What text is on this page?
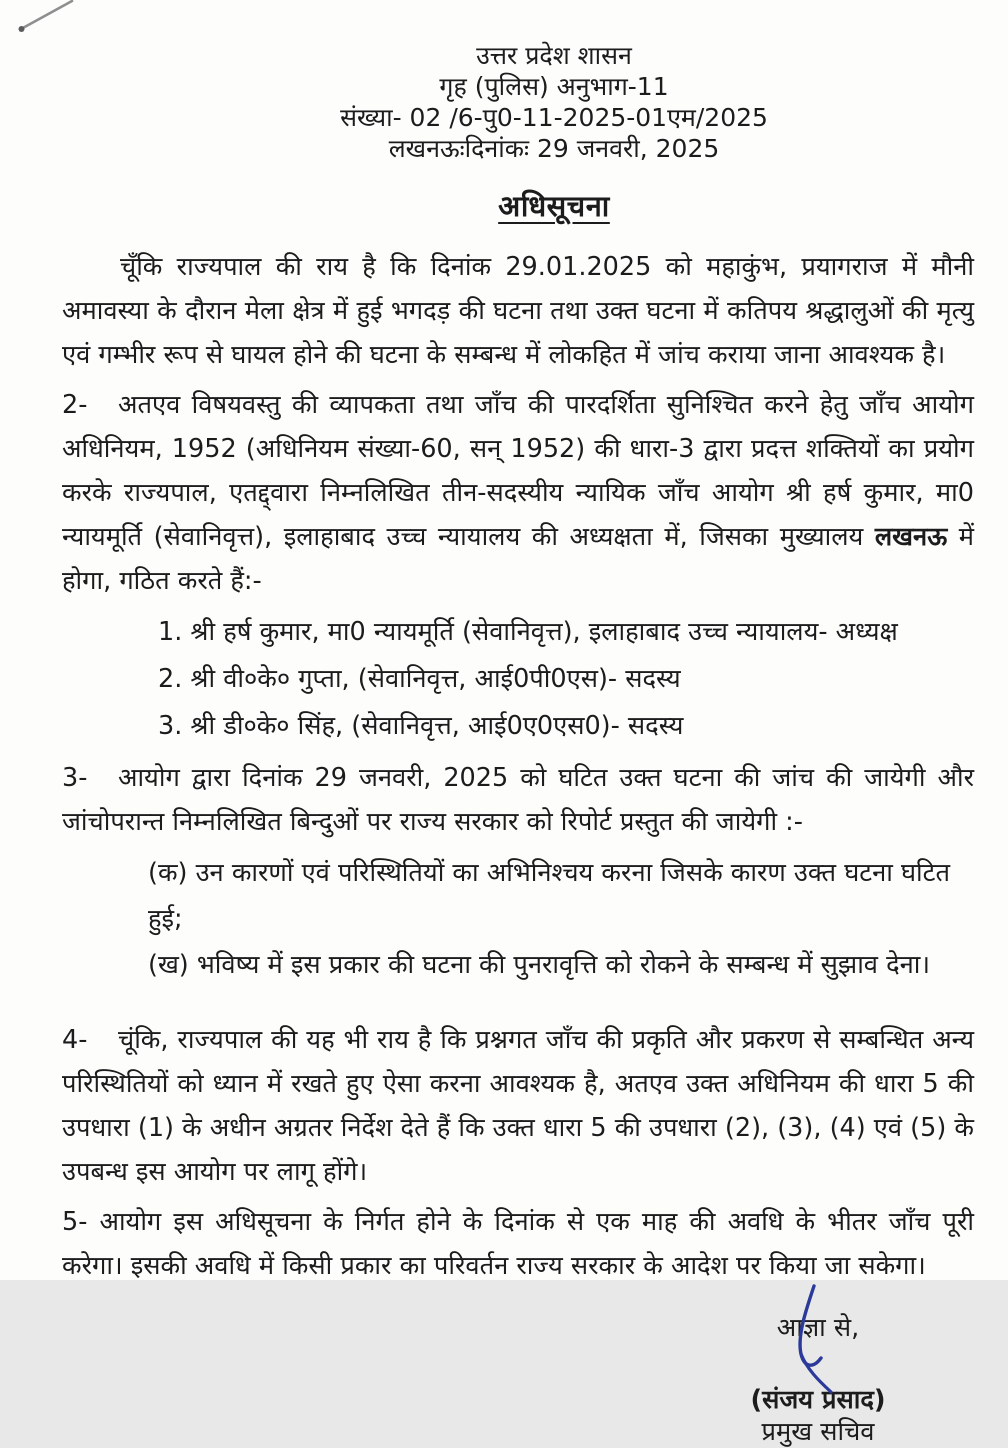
उत्तर प्रदेश शासन
गृह (पुलिस) अनुभाग-11
संख्या- 02 /6-पु0-11-2025-01एम/2025
लखनऊःदिनांकः 29 जनवरी, 2025
अधिसूचना

चूँकि राज्यपाल की राय है कि दिनांक 29.01.2025 को महाकुंभ, प्रयागराज में मौनी अमावस्या के दौरान मेला क्षेत्र में हुई भगदड़ की घटना तथा उक्त घटना में कतिपय श्रद्धालुओं की मृत्यु एवं गम्भीर रूप से घायल होने की घटना के सम्बन्ध में लोकहित में जांच कराया जाना आवश्यक है।

2- अतएव विषयवस्तु की व्यापकता तथा जाँच की पारदर्शिता सुनिश्चित करने हेतु जाँच आयोग अधिनियम, 1952 (अधिनियम संख्या-60, सन् 1952) की धारा-3 द्वारा प्रदत्त शक्तियों का प्रयोग करके राज्यपाल, एतद्द्वारा निम्नलिखित तीन-सदस्यीय न्यायिक जाँच आयोग श्री हर्ष कुमार, मा0 न्यायमूर्ति (सेवानिवृत्त), इलाहाबाद उच्च न्यायालय की अध्यक्षता में, जिसका मुख्यालय लखनऊ में होगा, गठित करते हैं:-

1. श्री हर्ष कुमार, मा0 न्यायमूर्ति (सेवानिवृत्त), इलाहाबाद उच्च न्यायालय- अध्यक्ष
2. श्री वी०के० गुप्ता, (सेवानिवृत्त, आई0पी0एस)- सदस्य
3. श्री डी०के० सिंह, (सेवानिवृत्त, आई0ए0एस0)- सदस्य

3- आयोग द्वारा दिनांक 29 जनवरी, 2025 को घटित उक्त घटना की जांच की जायेगी और जांचोपरान्त निम्नलिखित बिन्दुओं पर राज्य सरकार को रिपोर्ट प्रस्तुत की जायेगी :-

(क) उन कारणों एवं परिस्थितियों का अभिनिश्चय करना जिसके कारण उक्त घटना घटित हुई;
(ख) भविष्य में इस प्रकार की घटना की पुनरावृत्ति को रोकने के सम्बन्ध में सुझाव देना।

4- चूंकि, राज्यपाल की यह भी राय है कि प्रश्नगत जाँच की प्रकृति और प्रकरण से सम्बन्धित अन्य परिस्थितियों को ध्यान में रखते हुए ऐसा करना आवश्यक है, अतएव उक्त अधिनियम की धारा 5 की उपधारा (1) के अधीन अग्रतर निर्देश देते हैं कि उक्त धारा 5 की उपधारा (2), (3), (4) एवं (5) के उपबन्ध इस आयोग पर लागू होंगे।

5- आयोग इस अधिसूचना के निर्गत होने के दिनांक से एक माह की अवधि के भीतर जाँच पूरी करेगा। इसकी अवधि में किसी प्रकार का परिवर्तन राज्य सरकार के आदेश पर किया जा सकेगा।

आज्ञा से,
(संजय प्रसाद)
प्रमुख सचिव
